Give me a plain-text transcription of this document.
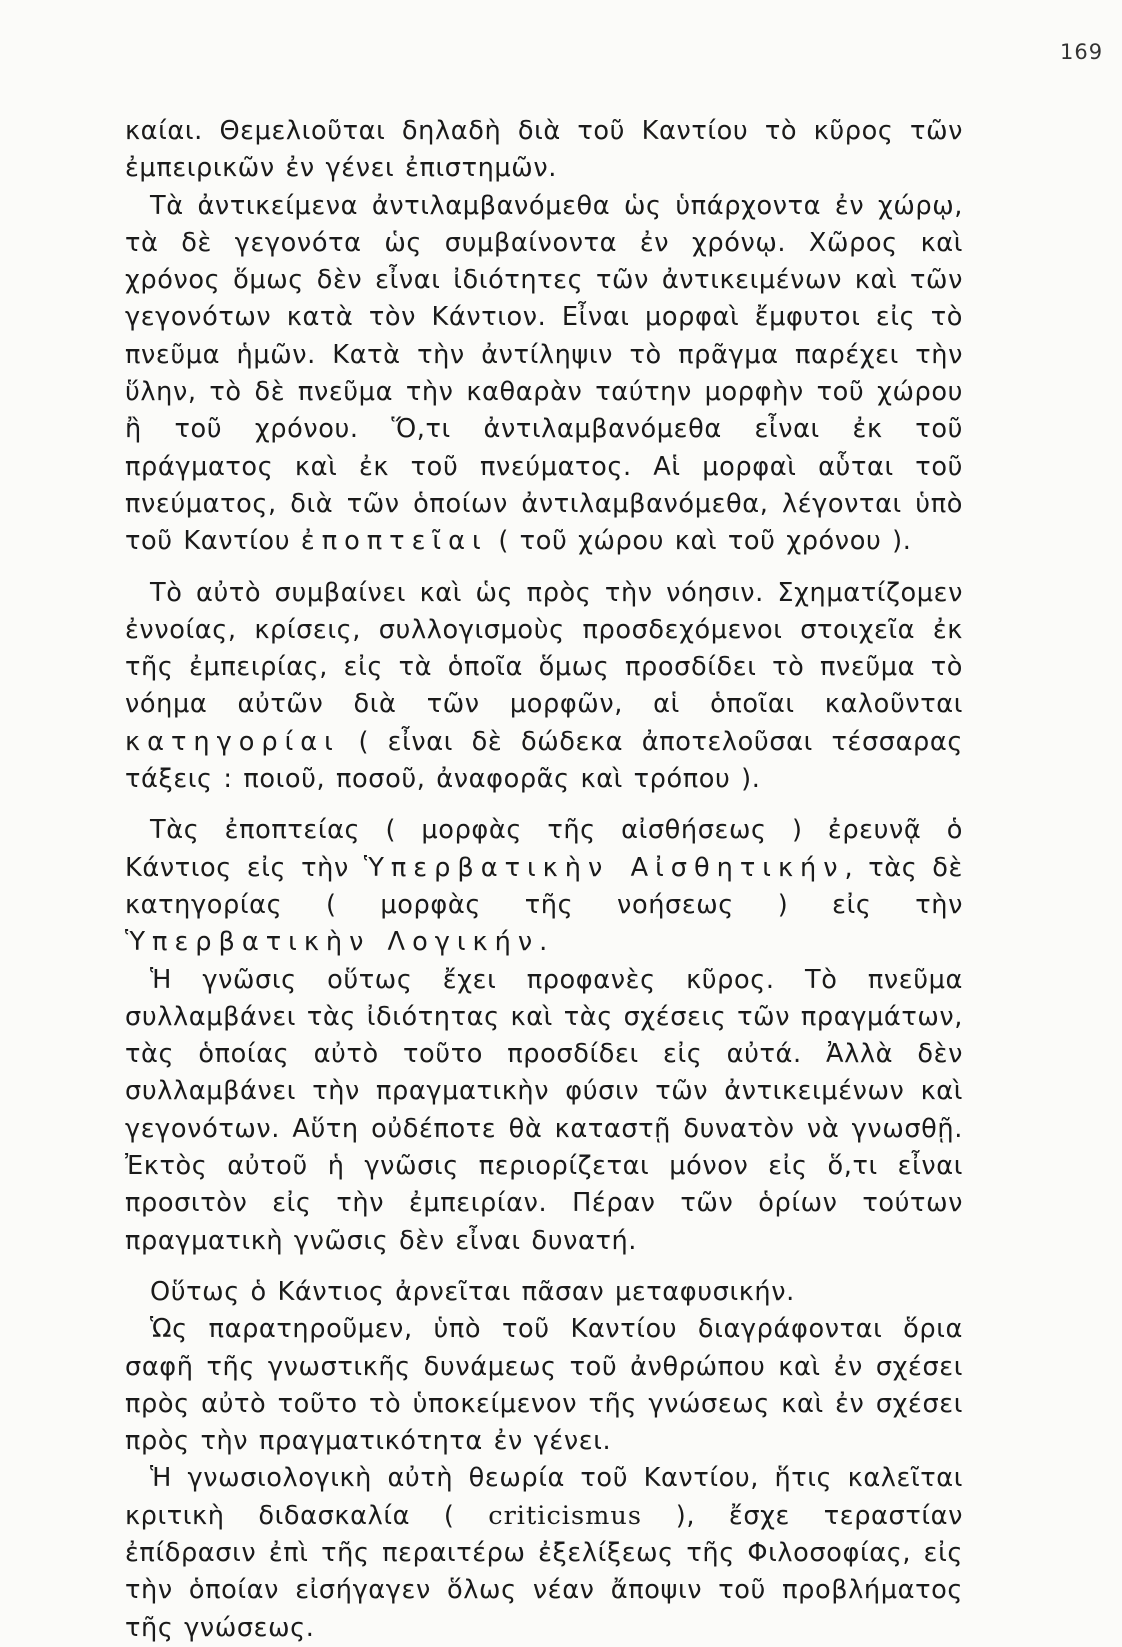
169

καίαι. Θεμελιοῦται δηλαδὴ διὰ τοῦ Καντίου τὸ κῦρος τῶν ἐμπειρικῶν ἐν γένει ἐπιστημῶν.

Τὰ ἀντικείμενα ἀντιλαμβανόμεθα ὡς ὑπάρχοντα ἐν χώρῳ, τὰ δὲ γεγονότα ὡς συμβαίνοντα ἐν χρόνῳ. Χῶρος καὶ χρόνος ὅμως δὲν εἶναι ἰδιότητες τῶν ἀντικειμένων καὶ τῶν γεγονότων κατὰ τὸν Κάντιον. Εἶναι μορφαὶ ἔμφυτοι εἰς τὸ πνεῦμα ἡμῶν. Κατὰ τὴν ἀντίληψιν τὸ πρᾶγμα παρέχει τὴν ὕλην, τὸ δὲ πνεῦμα τὴν καθαρὰν ταύτην μορφὴν τοῦ χώρου ἢ τοῦ χρόνου. Ὅ,τι ἀντιλαμβανόμεθα εἶναι ἐκ τοῦ πράγματος καὶ ἐκ τοῦ πνεύματος. Αἱ μορφαὶ αὗται τοῦ πνεύματος, διὰ τῶν ὁποίων ἀντιλαμβανόμεθα, λέγονται ὑπὸ τοῦ Καντίου ἐποπτεῖαι ( τοῦ χώρου καὶ τοῦ χρόνου ).

Τὸ αὐτὸ συμβαίνει καὶ ὡς πρὸς τὴν νόησιν. Σχηματίζομεν ἐννοίας, κρίσεις, συλλογισμοὺς προσδεχόμενοι στοιχεῖα ἐκ τῆς ἐμπειρίας, εἰς τὰ ὁποῖα ὅμως προσδίδει τὸ πνεῦμα τὸ νόημα αὐτῶν διὰ τῶν μορφῶν, αἱ ὁποῖαι καλοῦνται κατηγορίαι ( εἶναι δὲ δώδεκα ἀποτελοῦσαι τέσσαρας τάξεις : ποιοῦ, ποσοῦ, ἀναφορᾶς καὶ τρόπου ).

Τὰς ἐποπτείας ( μορφὰς τῆς αἰσθήσεως ) ἐρευνᾷ ὁ Κάντιος εἰς τὴν Ὑπερβατικὴν Αἰσθητικήν, τὰς δὲ κατηγορίας ( μορφὰς τῆς νοήσεως ) εἰς τὴν Ὑπερβατικὴν Λογικήν.

Ἡ γνῶσις οὕτως ἔχει προφανὲς κῦρος. Τὸ πνεῦμα συλλαμβάνει τὰς ἰδιότητας καὶ τὰς σχέσεις τῶν πραγμάτων, τὰς ὁποίας αὐτὸ τοῦτο προσδίδει εἰς αὐτά. Ἀλλὰ δὲν συλλαμβάνει τὴν πραγματικὴν φύσιν τῶν ἀντικειμένων καὶ γεγονότων. Αὕτη οὐδέποτε θὰ καταστῇ δυνατὸν νὰ γνωσθῇ. Ἐκτὸς αὐτοῦ ἡ γνῶσις περιορίζεται μόνον εἰς ὅ,τι εἶναι προσιτὸν εἰς τὴν ἐμπειρίαν. Πέραν τῶν ὁρίων τούτων πραγματικὴ γνῶσις δὲν εἶναι δυνατή.

Οὕτως ὁ Κάντιος ἀρνεῖται πᾶσαν μεταφυσικήν.

Ὡς παρατηροῦμεν, ὑπὸ τοῦ Καντίου διαγράφονται ὅρια σαφῆ τῆς γνωστικῆς δυνάμεως τοῦ ἀνθρώπου καὶ ἐν σχέσει πρὸς αὐτὸ τοῦτο τὸ ὑποκείμενον τῆς γνώσεως καὶ ἐν σχέσει πρὸς τὴν πραγματικότητα ἐν γένει.

Ἡ γνωσιολογικὴ αὐτὴ θεωρία τοῦ Καντίου, ἥτις καλεῖται κριτικὴ διδασκαλία ( criticismus ), ἔσχε τεραστίαν ἐπίδρασιν ἐπὶ τῆς περαιτέρω ἐξελίξεως τῆς Φιλοσοφίας, εἰς τὴν ὁποίαν εἰσήγαγεν ὅλως νέαν ἄποψιν τοῦ προβλήματος τῆς γνώσεως.
